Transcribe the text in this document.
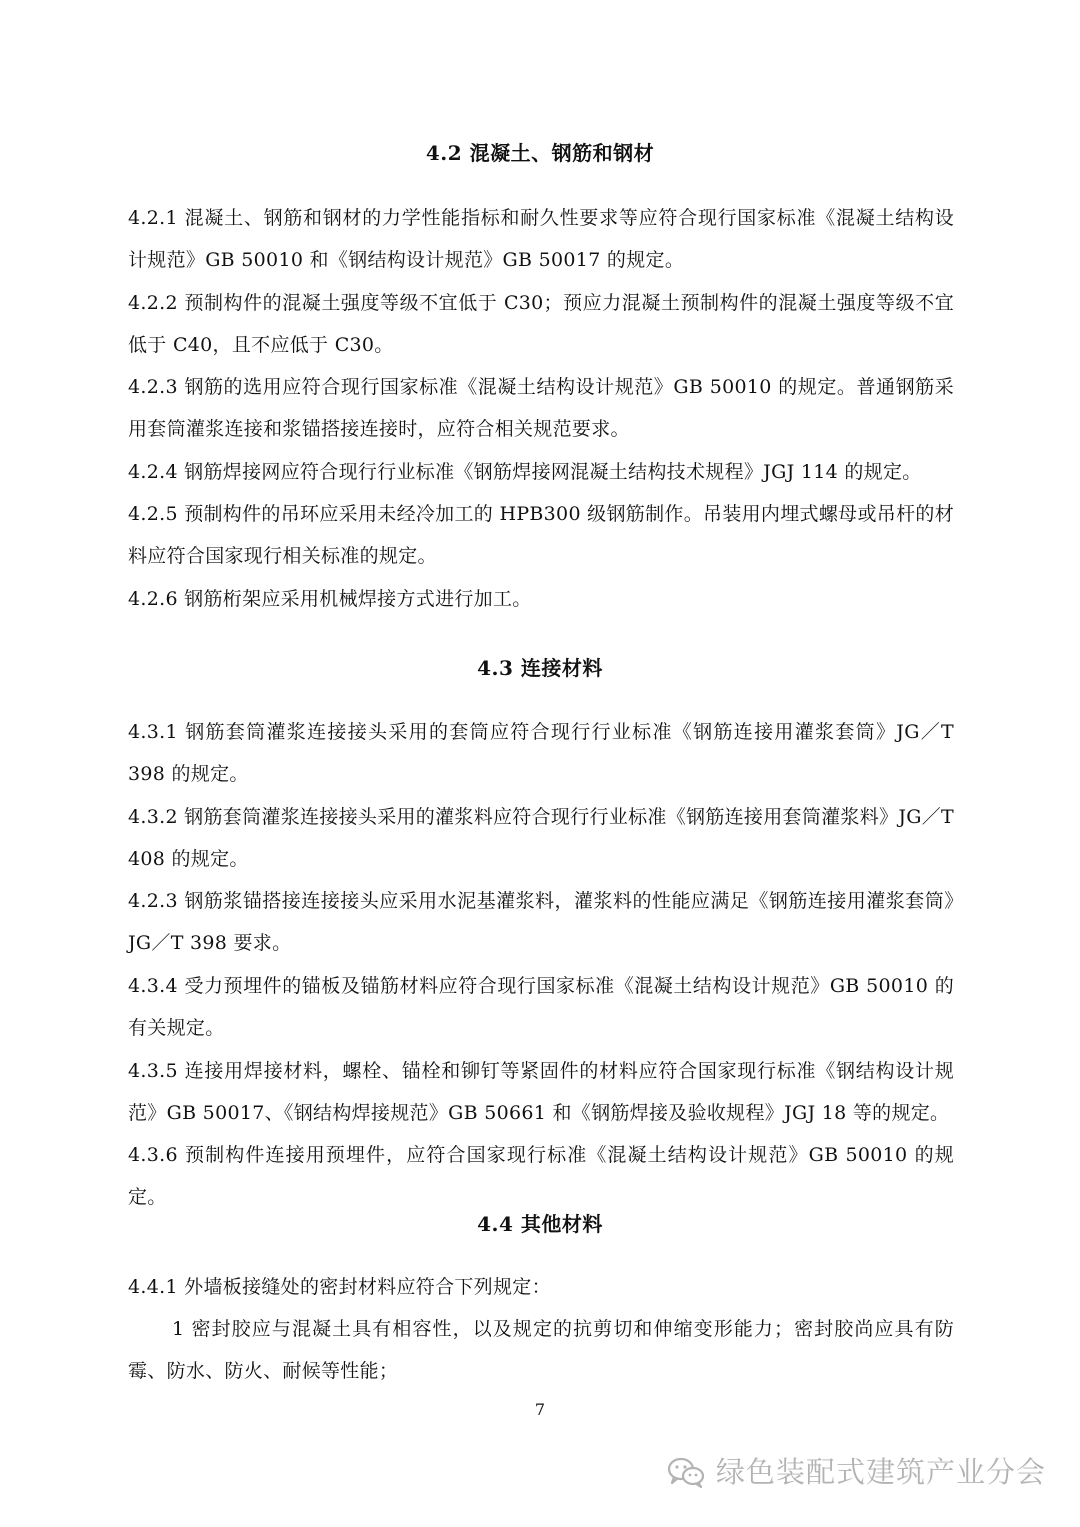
4.2 混凝土、钢筋和钢材
4.2.1 混凝土、钢筋和钢材的力学性能指标和耐久性要求等应符合现行国家标准《混凝土结构设计规范》GB 50010 和《钢结构设计规范》GB 50017 的规定。
4.2.2 预制构件的混凝土强度等级不宜低于 C30；预应力混凝土预制构件的混凝土强度等级不宜低于 C40，且不应低于 C30。
4.2.3 钢筋的选用应符合现行国家标准《混凝土结构设计规范》GB 50010 的规定。普通钢筋采用套筒灌浆连接和浆锚搭接连接时，应符合相关规范要求。
4.2.4 钢筋焊接网应符合现行行业标准《钢筋焊接网混凝土结构技术规程》JGJ 114 的规定。
4.2.5 预制构件的吊环应采用未经冷加工的 HPB300 级钢筋制作。吊装用内埋式螺母或吊杆的材料应符合国家现行相关标准的规定。
4.2.6 钢筋桁架应采用机械焊接方式进行加工。
4.3 连接材料
4.3.1 钢筋套筒灌浆连接接头采用的套筒应符合现行行业标准《钢筋连接用灌浆套筒》JG／T 398 的规定。
4.3.2 钢筋套筒灌浆连接接头采用的灌浆料应符合现行行业标准《钢筋连接用套筒灌浆料》JG／T 408 的规定。
4.2.3 钢筋浆锚搭接连接接头应采用水泥基灌浆料，灌浆料的性能应满足《钢筋连接用灌浆套筒》JG／T 398 要求。
4.3.4 受力预埋件的锚板及锚筋材料应符合现行国家标准《混凝土结构设计规范》GB 50010 的有关规定。
4.3.5 连接用焊接材料，螺栓、锚栓和铆钉等紧固件的材料应符合国家现行标准《钢结构设计规范》GB 50017、《钢结构焊接规范》GB 50661 和《钢筋焊接及验收规程》JGJ 18 等的规定。
4.3.6 预制构件连接用预埋件，应符合国家现行标准《混凝土结构设计规范》GB 50010 的规定。
4.4 其他材料
4.4.1 外墙板接缝处的密封材料应符合下列规定：
1 密封胶应与混凝土具有相容性，以及规定的抗剪切和伸缩变形能力；密封胶尚应具有防霉、防水、防火、耐候等性能；
7
绿色装配式建筑产业分会
